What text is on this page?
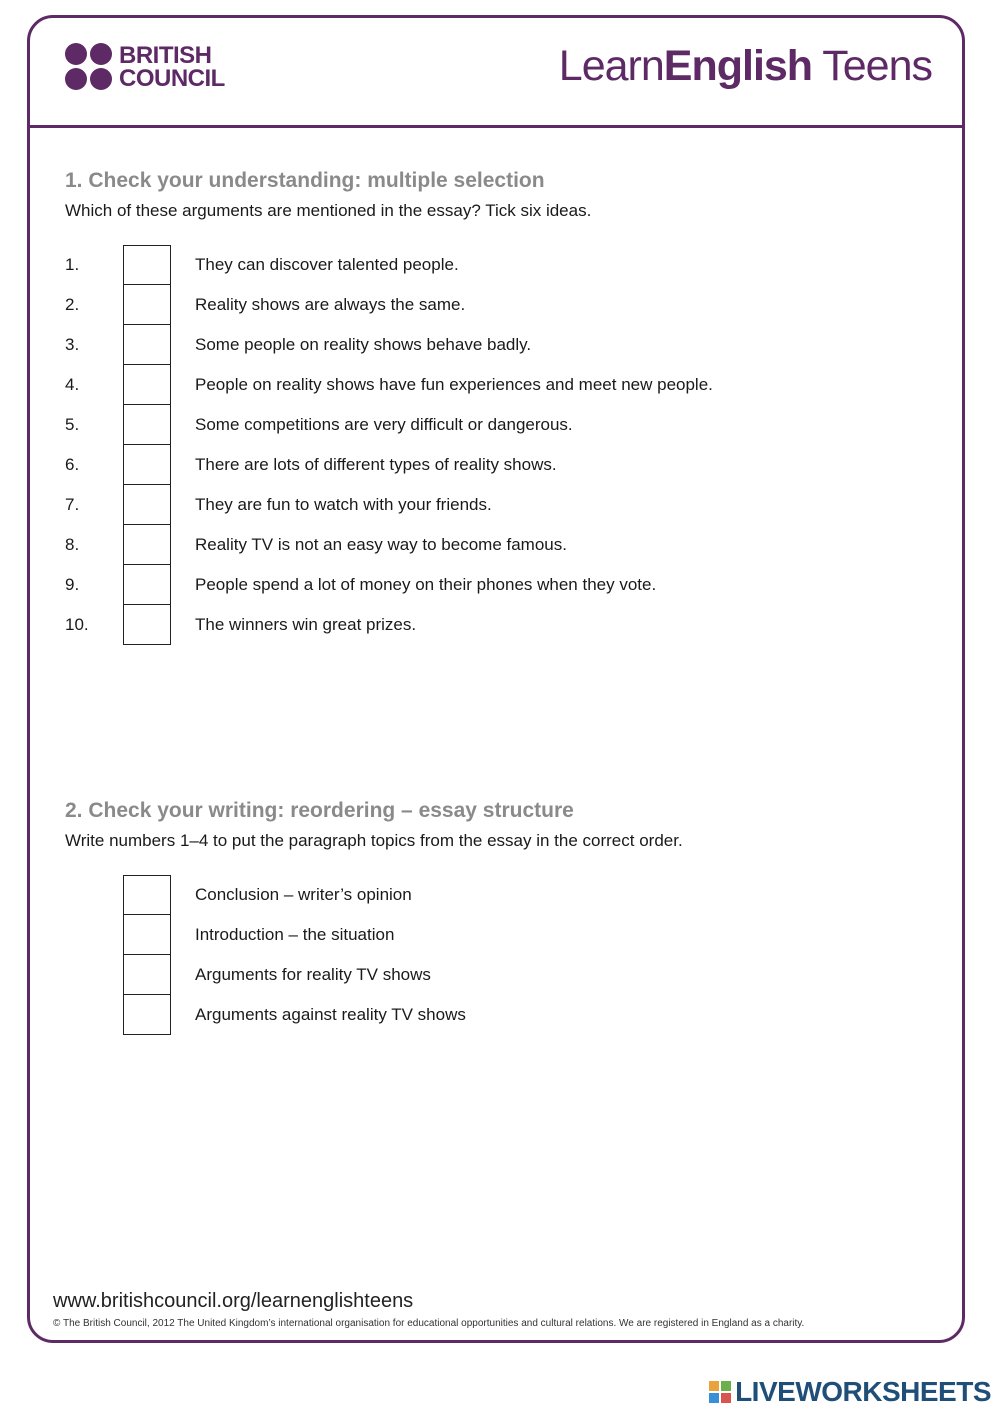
BRITISH
COUNCIL	LearnEnglish Teens
1. Check your understanding: multiple selection
Which of these arguments are mentioned in the essay? Tick six ideas.
1.	They can discover talented people.
2.	Reality shows are always the same.
3.	Some people on reality shows behave badly.
4.	People on reality shows have fun experiences and meet new people.
5.	Some competitions are very difficult or dangerous.
6.	There are lots of different types of reality shows.
7.	They are fun to watch with your friends.
8.	Reality TV is not an easy way to become famous.
9.	People spend a lot of money on their phones when they vote.
10.	The winners win great prizes.
2. Check your writing: reordering – essay structure
Write numbers 1–4 to put the paragraph topics from the essay in the correct order.
Conclusion – writer’s opinion
Introduction – the situation
Arguments for reality TV shows
Arguments against reality TV shows
www.britishcouncil.org/learnenglishteens
© The British Council, 2012 The United Kingdom’s international organisation for educational opportunities and cultural relations. We are registered in England as a charity.
LIVEWORKSHEETS
